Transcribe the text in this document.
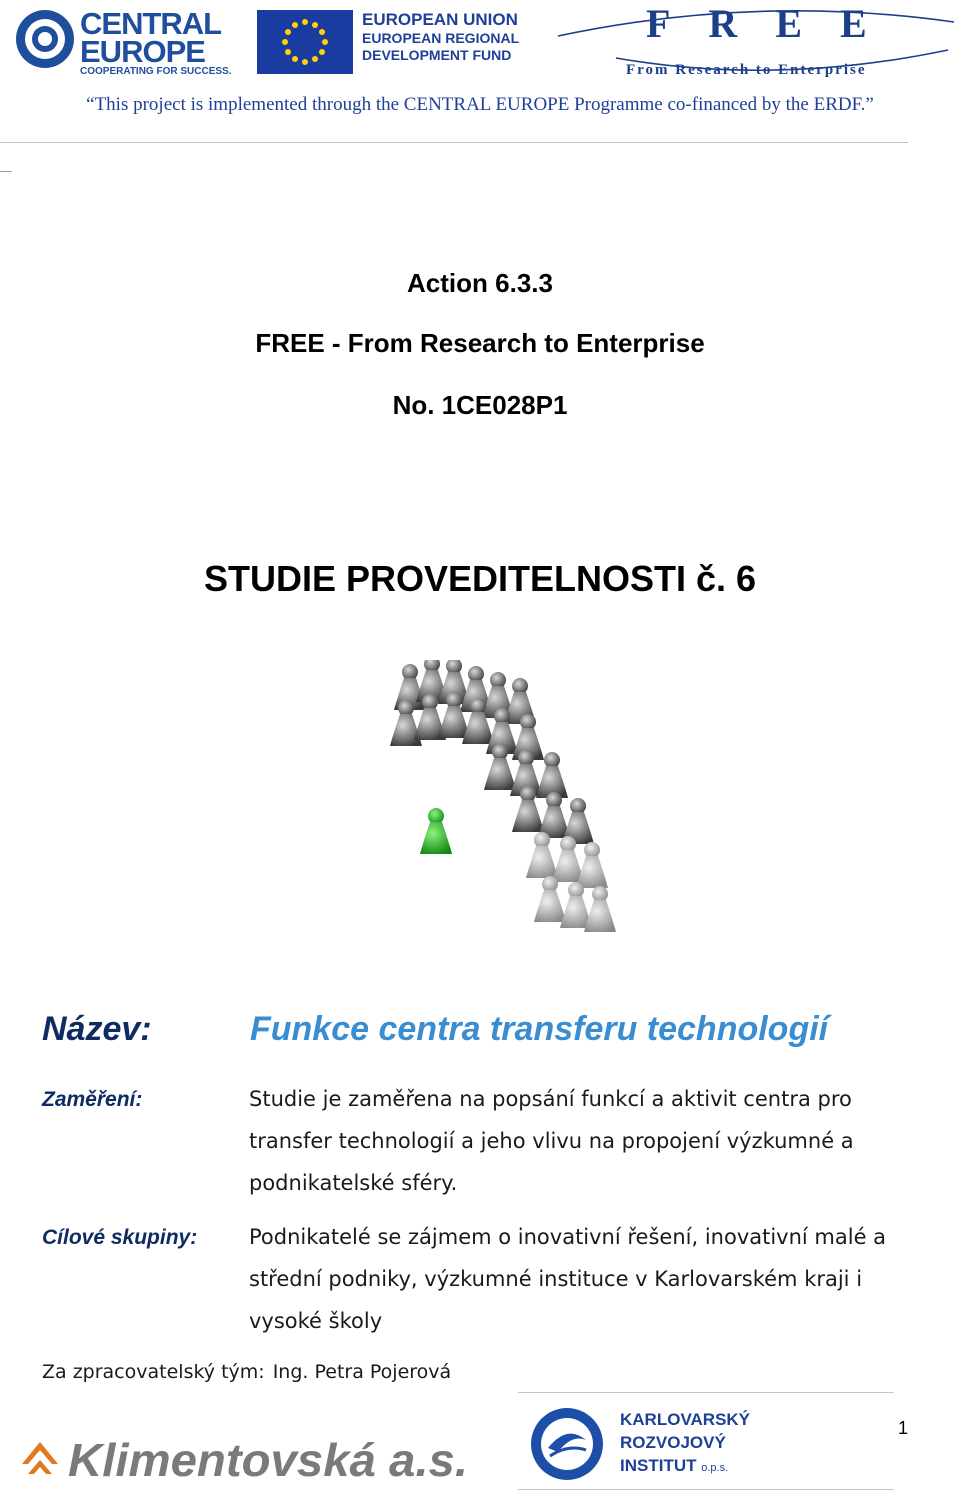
CENTRAL
EUROPE
COOPERATING FOR SUCCESS.
EUROPEAN UNION
EUROPEAN REGIONAL
DEVELOPMENT FUND
FREE
From Research to Enterprise
“This project is implemented through the CENTRAL EUROPE Programme co-financed by the ERDF.”
Action 6.3.3
FREE - From Research to Enterprise
No. 1CE028P1
STUDIE PROVEDITELNOSTI č. 6
Název:	Funkce centra transferu technologií
Zaměření:	Studie je zaměřena na popsání funkcí a aktivit centra pro transfer technologií a jeho vlivu na propojení výzkumné a podnikatelské sféry.
Cílové skupiny: Podnikatelé se zájmem o inovativní řešení, inovativní malé a střední podniky, výzkumné instituce v Karlovarském kraji i vysoké školy
Za zpracovatelský tým: Ing. Petra Pojerová
Klimentovská a.s.
KARLOVARSKÝ
ROZVOJOVÝ
INSTITUT o.p.s.
1
